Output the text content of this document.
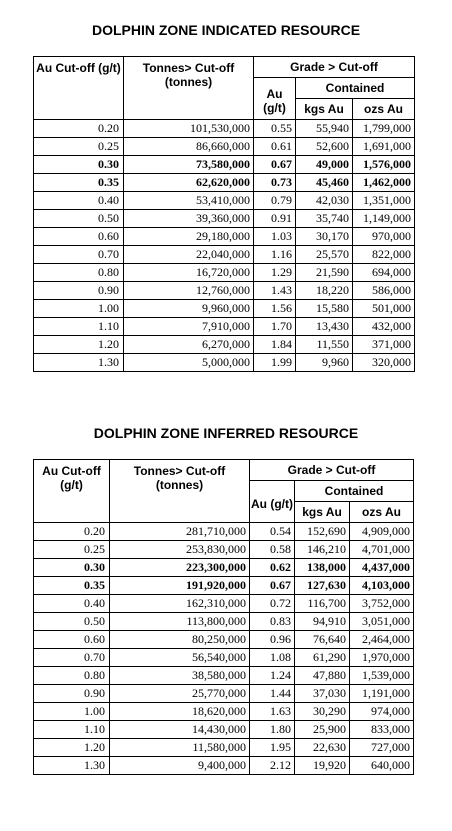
DOLPHIN ZONE INDICATED RESOURCE
Au Cut-off (g/t)	Tonnes> Cut-off (tonnes)	Grade > Cut-off		
		Au (g/t)	Contained	
			kgs Au	ozs Au
0.20	101,530,000	0.55	55,940	1,799,000
0.25	86,660,000	0.61	52,600	1,691,000
0.30	73,580,000	0.67	49,000	1,576,000
0.35	62,620,000	0.73	45,460	1,462,000
0.40	53,410,000	0.79	42,030	1,351,000
0.50	39,360,000	0.91	35,740	1,149,000
0.60	29,180,000	1.03	30,170	970,000
0.70	22,040,000	1.16	25,570	822,000
0.80	16,720,000	1.29	21,590	694,000
0.90	12,760,000	1.43	18,220	586,000
1.00	9,960,000	1.56	15,580	501,000
1.10	7,910,000	1.70	13,430	432,000
1.20	6,270,000	1.84	11,550	371,000
1.30	5,000,000	1.99	9,960	320,000
DOLPHIN ZONE INFERRED RESOURCE
Au Cut-off (g/t)	Tonnes> Cut-off (tonnes)	Grade > Cut-off		
		Au (g/t)	Contained	
			kgs Au	ozs Au
0.20	281,710,000	0.54	152,690	4,909,000
0.25	253,830,000	0.58	146,210	4,701,000
0.30	223,300,000	0.62	138,000	4,437,000
0.35	191,920,000	0.67	127,630	4,103,000
0.40	162,310,000	0.72	116,700	3,752,000
0.50	113,800,000	0.83	94,910	3,051,000
0.60	80,250,000	0.96	76,640	2,464,000
0.70	56,540,000	1.08	61,290	1,970,000
0.80	38,580,000	1.24	47,880	1,539,000
0.90	25,770,000	1.44	37,030	1,191,000
1.00	18,620,000	1.63	30,290	974,000
1.10	14,430,000	1.80	25,900	833,000
1.20	11,580,000	1.95	22,630	727,000
1.30	9,400,000	2.12	19,920	640,000
